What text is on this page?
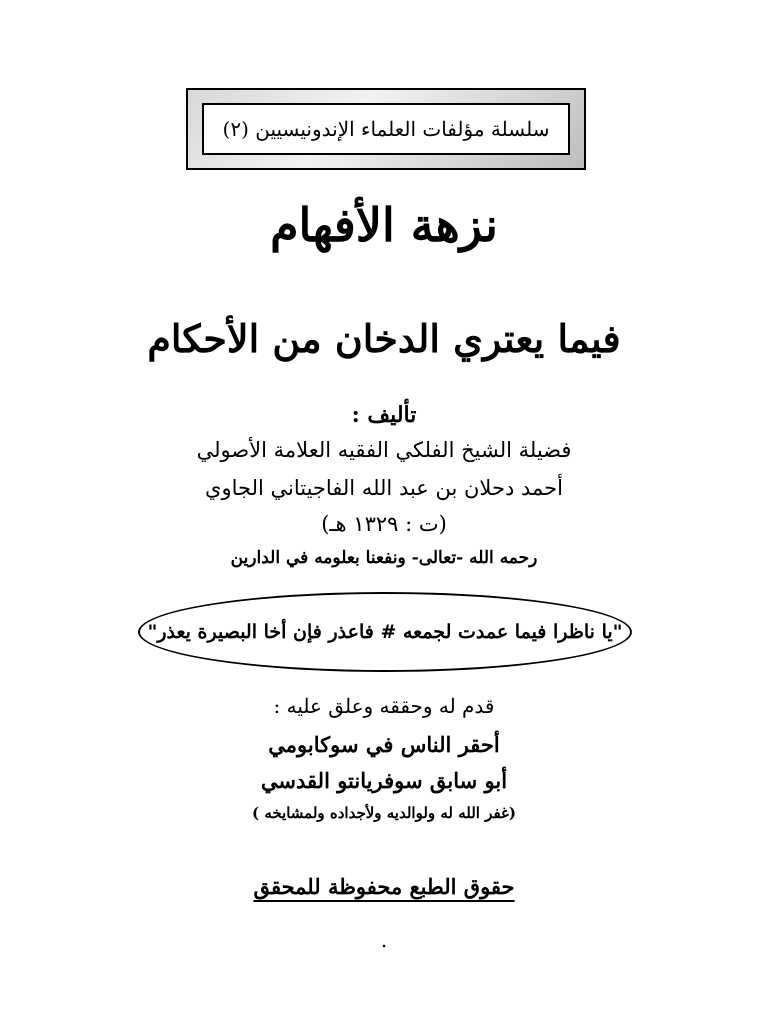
سلسلة مؤلفات العلماء الإندونيسيين (٢)
نزهة الأفهام
فيما يعتري الدخان من الأحكام
تأليف :
فضيلة الشيخ الفلكي الفقيه العلامة الأصولي
أحمد دحلان بن عبد الله الفاجيتاني الجاوي
(ت : ١٣٢٩ هـ)
رحمه الله -تعالى- ونفعنا بعلومه في الدارين
"يا ناظرا فيما عمدت لجمعه # فاعذر فإن أخا البصيرة يعذر"
قدم له وحققه وعلق عليه :
أحقر الناس في سوكابومي
أبو سابق سوفريانتو القدسي
(غفر الله له ولوالديه ولأجداده ولمشايخه )
حقوق الطبع محفوظة للمحقق
.
